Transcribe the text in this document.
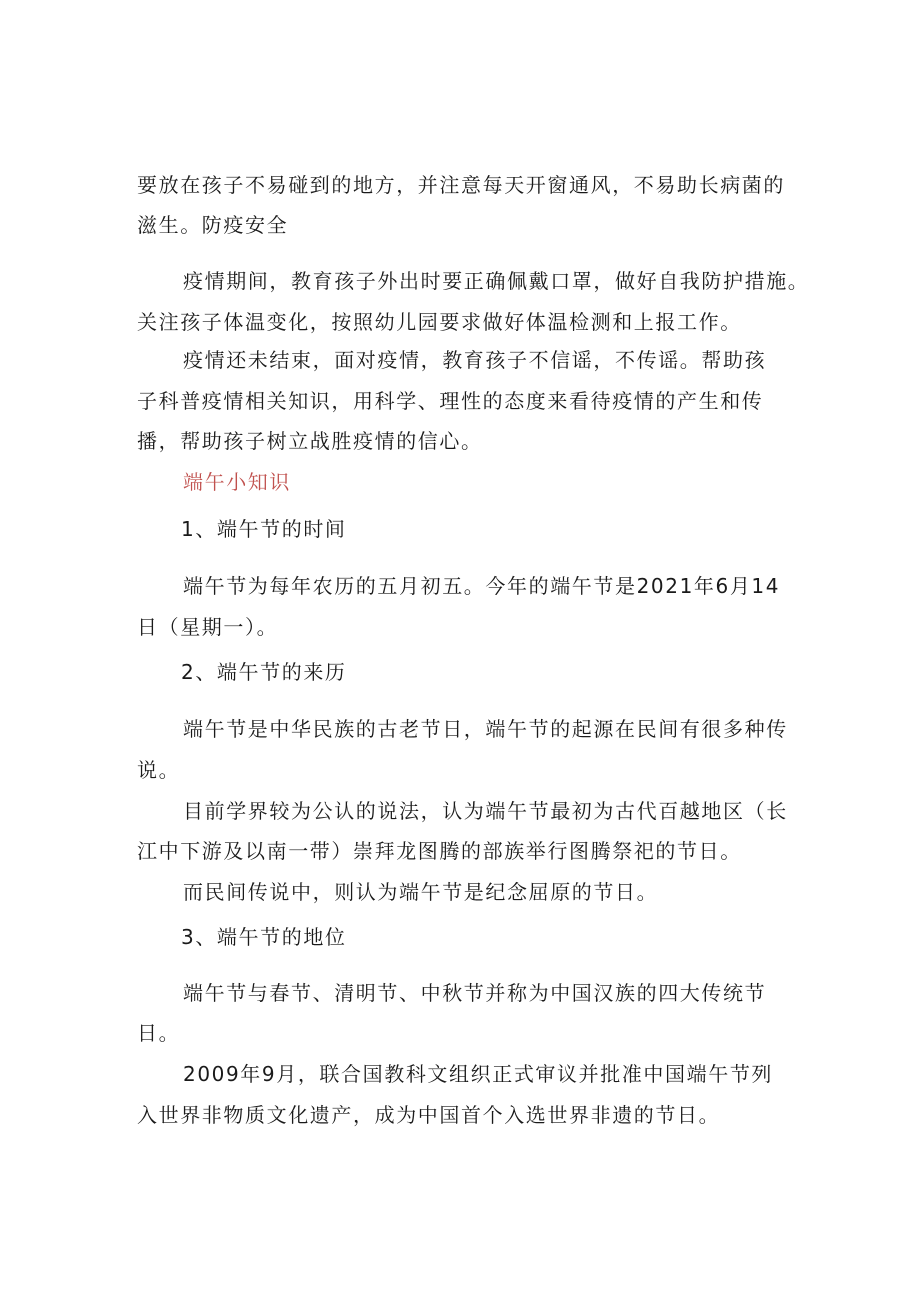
要放在孩子不易碰到的地方，并注意每天开窗通风，不易助长病菌的
滋生。防疫安全
疫情期间，教育孩子外出时要正确佩戴口罩，做好自我防护措施。
关注孩子体温变化，按照幼儿园要求做好体温检测和上报工作。
疫情还未结束，面对疫情，教育孩子不信谣，不传谣。帮助孩
子科普疫情相关知识，用科学、理性的态度来看待疫情的产生和传
播，帮助孩子树立战胜疫情的信心。
端午小知识
1、端午节的时间
端午节为每年农历的五月初五。今年的端午节是2021年6月14
日（星期一）。
2、端午节的来历
端午节是中华民族的古老节日，端午节的起源在民间有很多种传
说。
目前学界较为公认的说法，认为端午节最初为古代百越地区（长
江中下游及以南一带）崇拜龙图腾的部族举行图腾祭祀的节日。
而民间传说中，则认为端午节是纪念屈原的节日。
3、端午节的地位
端午节与春节、清明节、中秋节并称为中国汉族的四大传统节
日。
2009年9月，联合国教科文组织正式审议并批准中国端午节列
入世界非物质文化遗产，成为中国首个入选世界非遗的节日。
